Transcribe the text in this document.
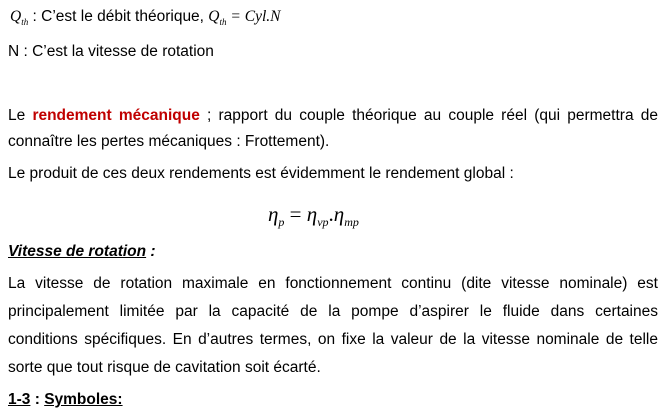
$Q_{th}$ : C’est le débit théorique, $Q_{th} = Cyl.N$
N : C’est la vitesse de rotation
Le rendement mécanique ; rapport du couple théorique au couple réel (qui permettra de
connaître les pertes mécaniques : Frottement).
Le produit de ces deux rendements est évidemment le rendement global :
$\eta_p = \eta_{vp}.\eta_{mp}$
Vitesse de rotation :
La vitesse de rotation maximale en fonctionnement continu (dite vitesse nominale) est
principalement limitée par la capacité de la pompe d’aspirer le fluide dans certaines
conditions spécifiques. En d’autres termes, on fixe la valeur de la vitesse nominale de telle
sorte que tout risque de cavitation soit écarté.
1-3 : Symboles:
